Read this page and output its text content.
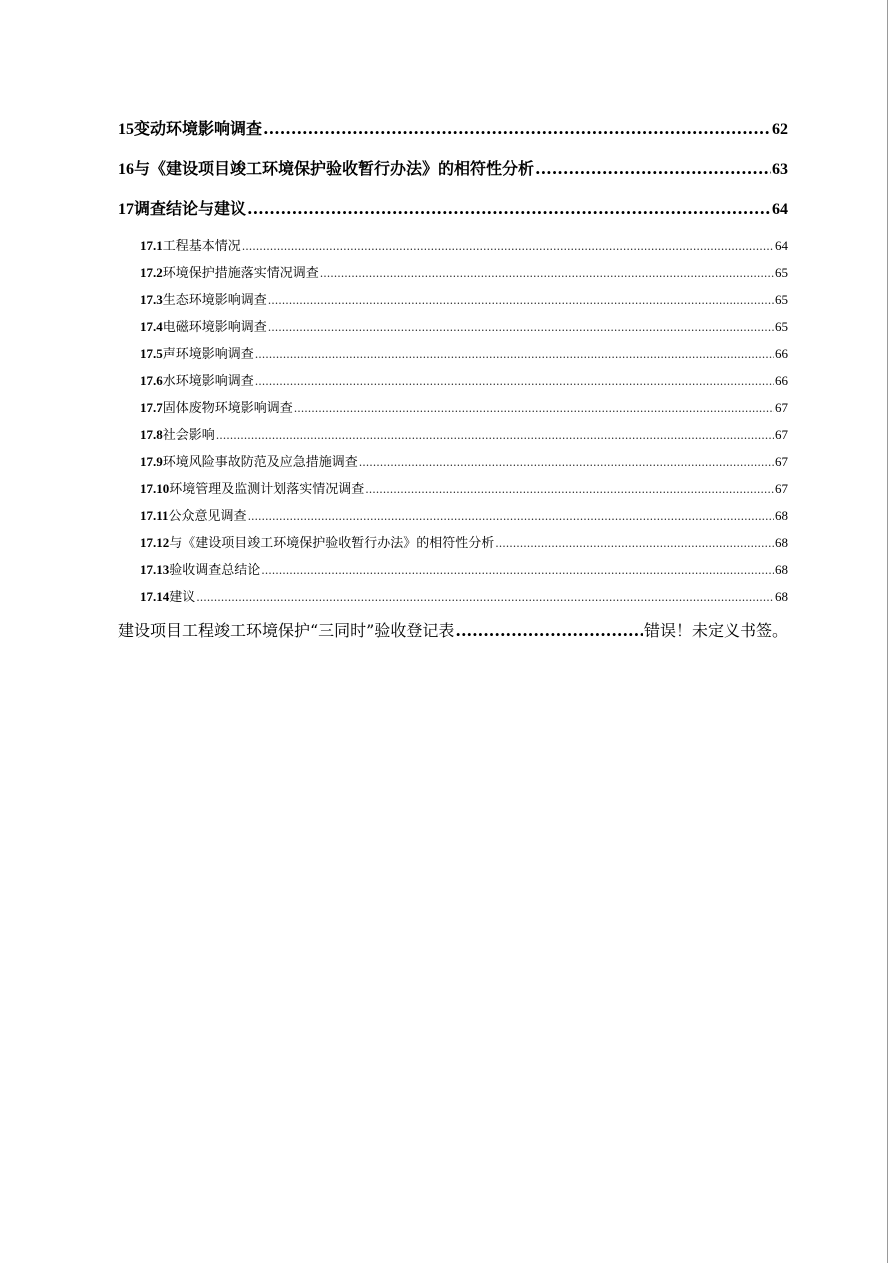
15 变动环境影响调查 .....	62
16 与《建设项目竣工环境保护验收暂行办法》的相符性分析 .....	63
17 调查结论与建议 .....	64
17.1 工程基本情况 .....	64
17.2 环境保护措施落实情况调查 .....	65
17.3 生态环境影响调查 .....	65
17.4 电磁环境影响调查 .....	65
17.5 声环境影响调查 .....	66
17.6 水环境影响调查 .....	66
17.7 固体废物环境影响调查 .....	67
17.8 社会影响 .....	67
17.9 环境风险事故防范及应急措施调查 .....	67
17.10 环境管理及监测计划落实情况调查 .....	67
17.11 公众意见调查 .....	68
17.12 与《建设项目竣工环境保护验收暂行办法》的相符性分析 .....	68
17.13 验收调查总结论 .....	68
17.14 建议 .....	68
建设项目工程竣工环境保护“三同时”验收登记表 .....	错误！未定义书签。
